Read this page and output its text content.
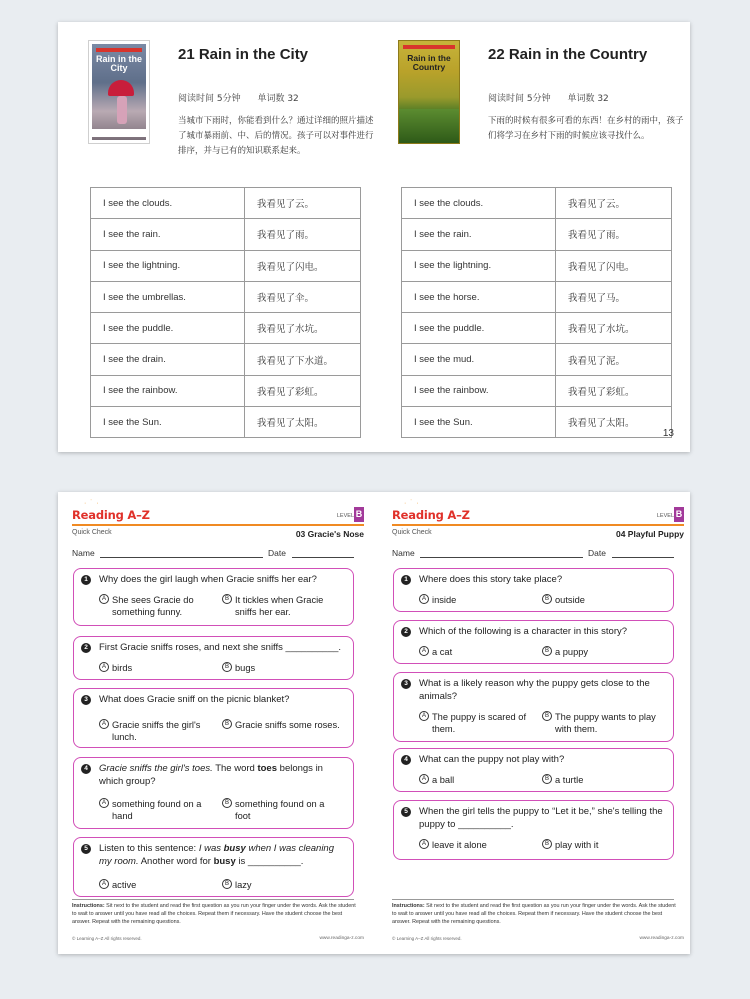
Rain in the City
21 Rain in the City
阅读时间 5分钟 单词数 32
当城市下雨时，你能看到什么？通过详细的照片描述了城市暴雨前、中、后的情况。孩子可以对事件进行排序，并与已有的知识联系起来。
I see the clouds.	我看见了云。
I see the rain.	我看见了雨。
I see the lightning.	我看见了闪电。
I see the umbrellas.	我看见了伞。
I see the puddle.	我看见了水坑。
I see the drain.	我看见了下水道。
I see the rainbow.	我看见了彩虹。
I see the Sun.	我看见了太阳。
Rain in the Country
22 Rain in the Country
阅读时间 5分钟 单词数 32
下雨的时候有很多可看的东西！在乡村的雨中，孩子们将学习在乡村下雨的时候应该寻找什么。
I see the clouds.	我看见了云。
I see the rain.	我看见了雨。
I see the lightning.	我看见了闪电。
I see the horse.	我看见了马。
I see the puddle.	我看见了水坑。
I see the mud.	我看见了泥。
I see the rainbow.	我看见了彩虹。
I see the Sun.	我看见了太阳。
13
· ˙ ·
Reading A–Z	LEVEL B
Quick Check	03 Gracie's Nose
Name	Date
1	Why does the girl laugh when Gracie sniffs her ear?
A She sees Gracie do something funny.
B It tickles when Gracie sniffs her ear.
2	First Gracie sniffs roses, and next she sniffs __________.
A birds	B bugs
3	What does Gracie sniff on the picnic blanket?
A Gracie sniffs the girl's lunch.
B Gracie sniffs some roses.
4	Gracie sniffs the girl's toes. The word toes belongs in which group?
A something found on a hand
B something found on a foot
5	Listen to this sentence: I was busy when I was cleaning my room. Another word for busy is __________.
A active	B lazy
Instructions: Sit next to the student and read the first question as you run your finger under the words. Ask the student to wait to answer until you have read all the choices. Repeat them if necessary. Have the student choose the best answer. Repeat with the remaining questions.
© Learning A–Z All rights reserved.	www.readinga-z.com
· ˙ ·
Reading A–Z	LEVEL B
Quick Check	04 Playful Puppy
Name	Date
1	Where does this story take place?
A inside	B outside
2	Which of the following is a character in this story?
A a cat	B a puppy
3	What is a likely reason why the puppy gets close to the animals?
A The puppy is scared of them.
B The puppy wants to play with them.
4	What can the puppy not play with?
A a ball	B a turtle
5	When the girl tells the puppy to “Let it be,” she's telling the puppy to __________.
A leave it alone	B play with it
Instructions: Sit next to the student and read the first question as you run your finger under the words. Ask the student to wait to answer until you have read all the choices. Repeat them if necessary. Have the student choose the best answer. Repeat with the remaining questions.
© Learning A–Z All rights reserved.	www.readinga-z.com
